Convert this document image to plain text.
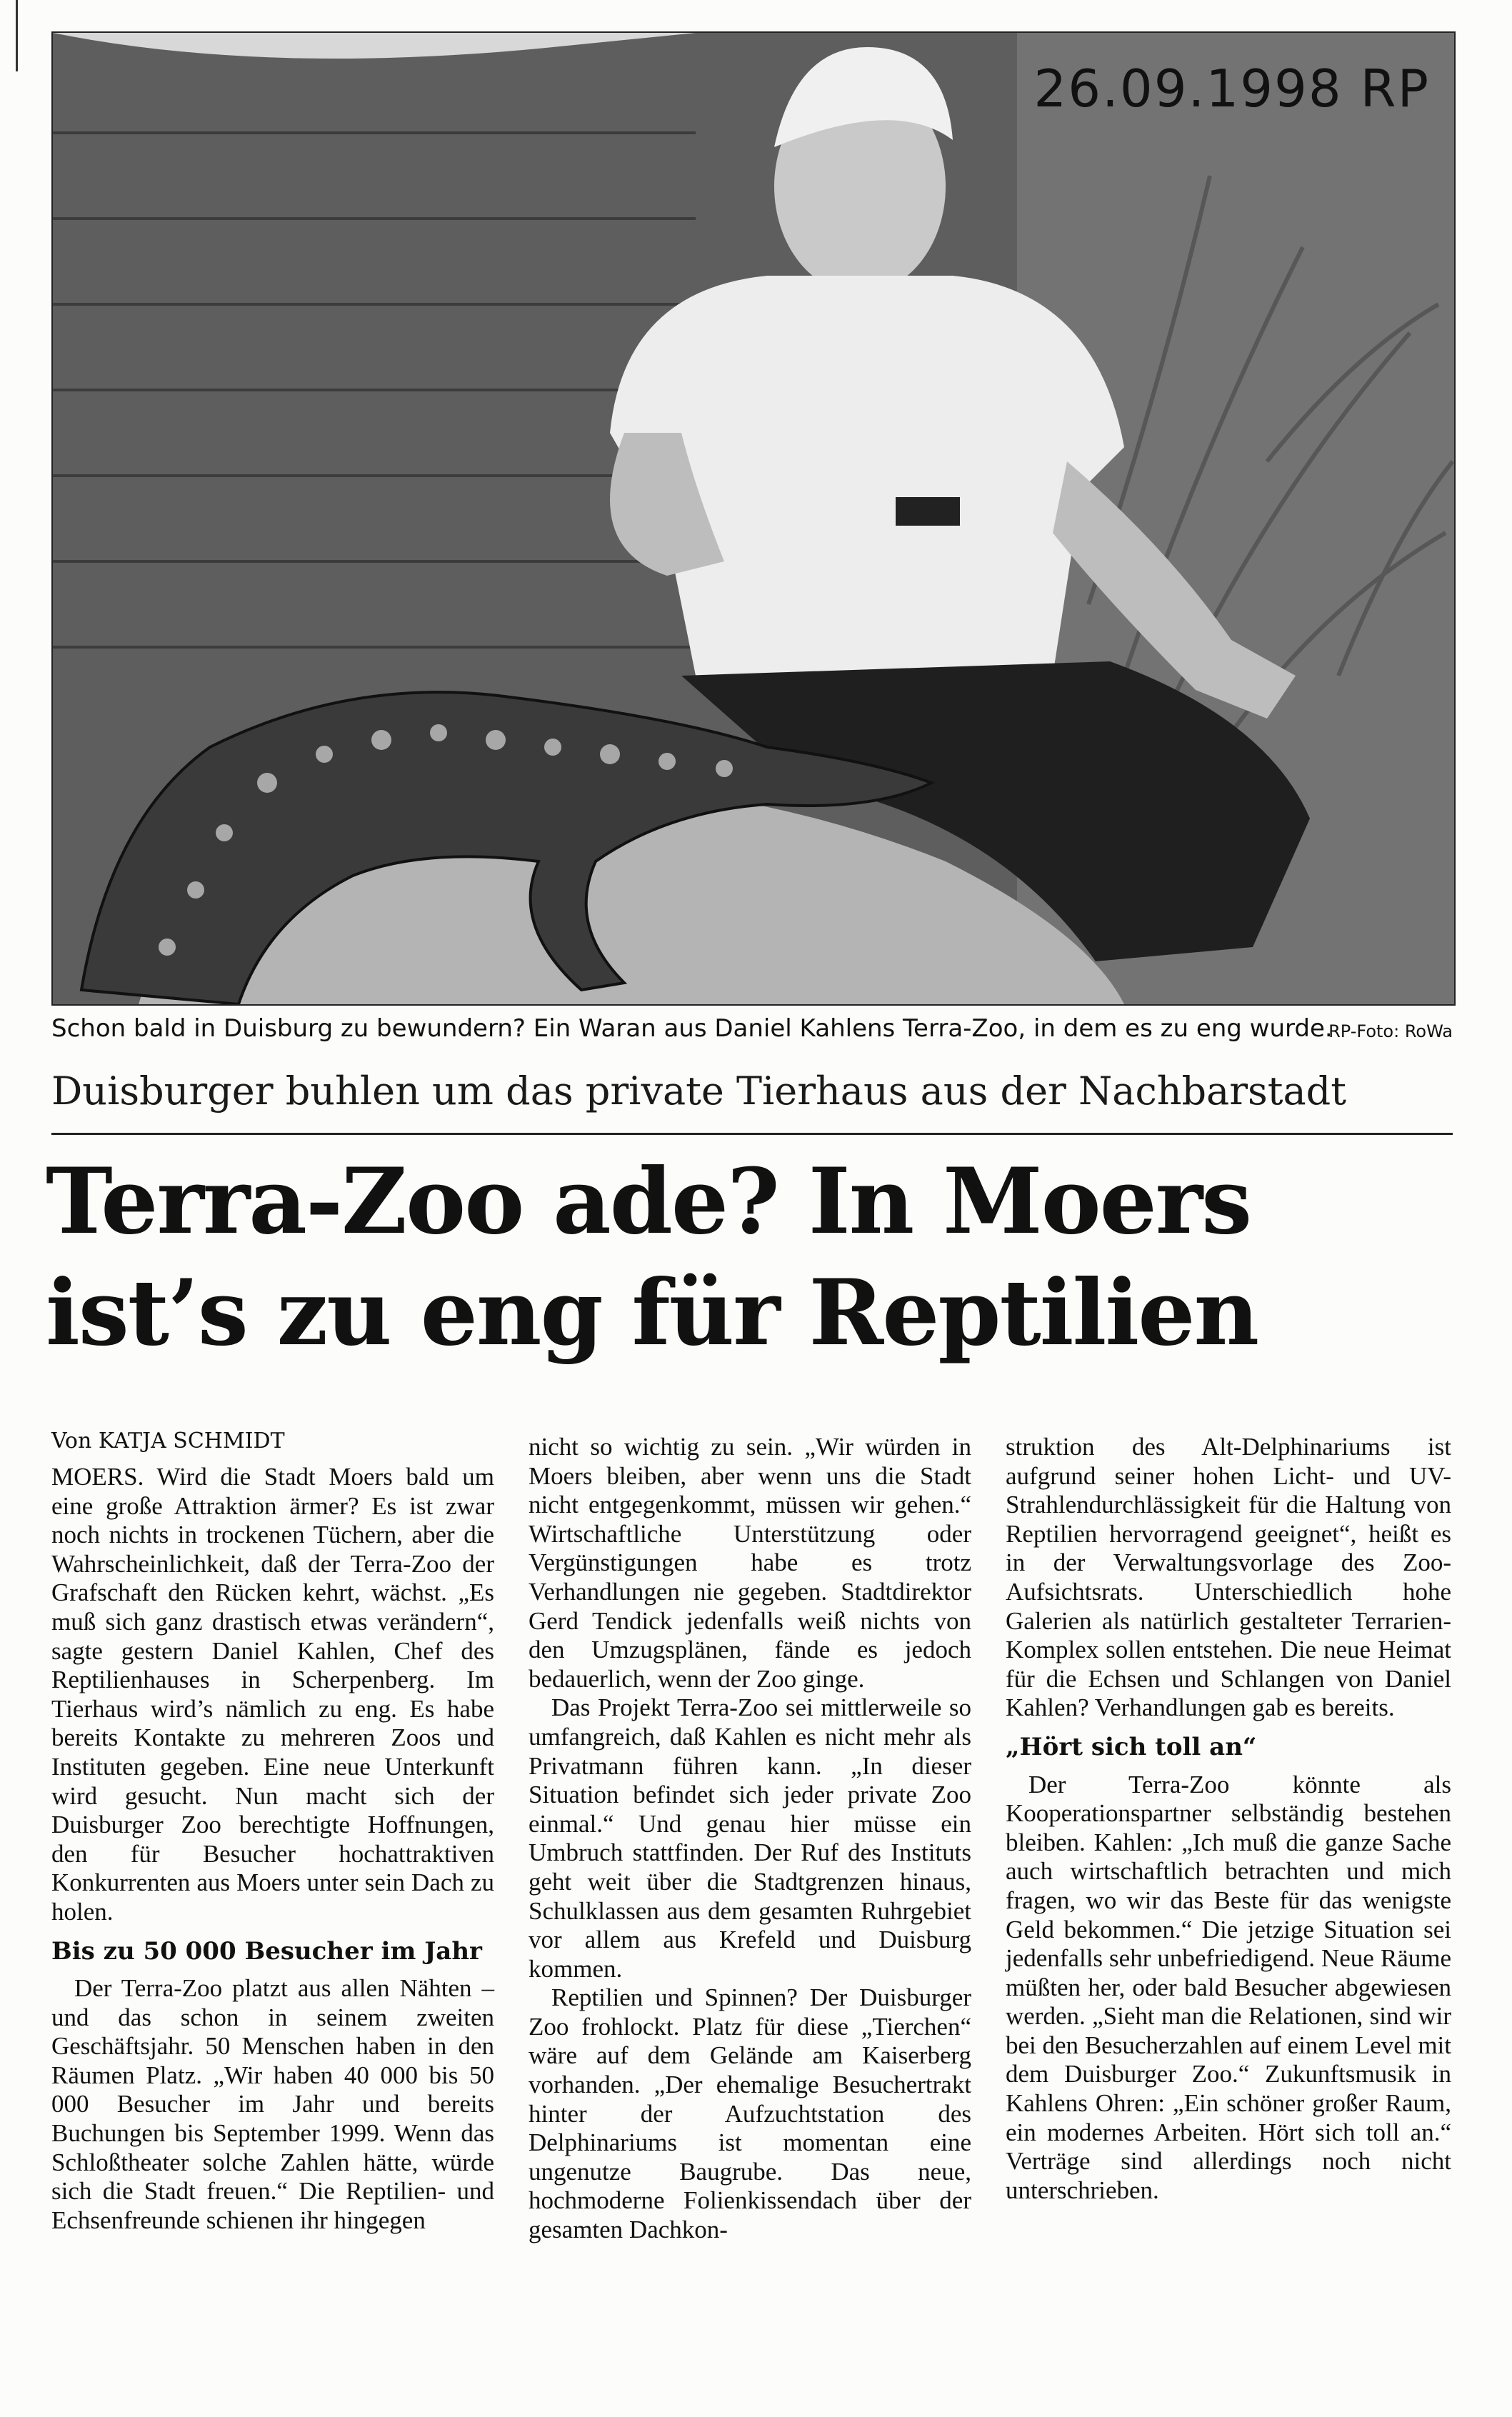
26.09.1998 RP
Schon bald in Duisburg zu bewundern? Ein Waran aus Daniel Kahlens Terra-Zoo, in dem es zu eng wurde.
RP-Foto: RoWa
Duisburger buhlen um das private Tierhaus aus der Nachbarstadt
Terra-Zoo ade? In Moers
ist’s zu eng für Reptilien
Von KATJA SCHMIDT

MOERS. Wird die Stadt Moers bald um eine große Attraktion ärmer? Es ist zwar noch nichts in trockenen Tüchern, aber die Wahrscheinlichkeit, daß der Terra-Zoo der Grafschaft den Rücken kehrt, wächst. „Es muß sich ganz drastisch etwas verändern“, sagte gestern Daniel Kahlen, Chef des Reptilienhauses in Scherpenberg. Im Tierhaus wird’s nämlich zu eng. Es habe bereits Kontakte zu mehreren Zoos und Instituten gegeben. Eine neue Unterkunft wird gesucht. Nun macht sich der Duisburger Zoo berechtigte Hoffnungen, den für Besucher hochattraktiven Konkurrenten aus Moers unter sein Dach zu holen.

Bis zu 50 000 Besucher im Jahr

Der Terra-Zoo platzt aus allen Nähten – und das schon in seinem zweiten Geschäftsjahr. 50 Menschen haben in den Räumen Platz. „Wir haben 40 000 bis 50 000 Besucher im Jahr und bereits Buchungen bis September 1999. Wenn das Schloßtheater solche Zahlen hätte, würde sich die Stadt freuen.“ Die Reptilien- und Echsenfreunde schienen ihr hingegen

nicht so wichtig zu sein. „Wir würden in Moers bleiben, aber wenn uns die Stadt nicht entgegenkommt, müssen wir gehen.“ Wirtschaftliche Unterstützung oder Vergünstigungen habe es trotz Verhandlungen nie gegeben. Stadtdirektor Gerd Tendick jedenfalls weiß nichts von den Umzugsplänen, fände es jedoch bedauerlich, wenn der Zoo ginge.

Das Projekt Terra-Zoo sei mittlerweile so umfangreich, daß Kahlen es nicht mehr als Privatmann führen kann. „In dieser Situation befindet sich jeder private Zoo einmal.“ Und genau hier müsse ein Umbruch stattfinden. Der Ruf des Instituts geht weit über die Stadtgrenzen hinaus, Schulklassen aus dem gesamten Ruhrgebiet vor allem aus Krefeld und Duisburg kommen.

Reptilien und Spinnen? Der Duisburger Zoo frohlockt. Platz für diese „Tierchen“ wäre auf dem Gelände am Kaiserberg vorhanden. „Der ehemalige Besuchertrakt hinter der Aufzuchtstation des Delphinariums ist momentan eine ungenutze Baugrube. Das neue, hochmoderne Folienkissendach über der gesamten Dachkon-

struktion des Alt-Delphinariums ist aufgrund seiner hohen Licht- und UV-Strahlendurchlässigkeit für die Haltung von Reptilien hervorragend geeignet“, heißt es in der Verwaltungsvorlage des Zoo-Aufsichtsrats. Unterschiedlich hohe Galerien als natürlich gestalteter Terrarien-Komplex sollen entstehen. Die neue Heimat für die Echsen und Schlangen von Daniel Kahlen? Verhandlungen gab es bereits.

„Hört sich toll an“

Der Terra-Zoo könnte als Kooperationspartner selbständig bestehen bleiben. Kahlen: „Ich muß die ganze Sache auch wirtschaftlich betrachten und mich fragen, wo wir das Beste für das wenigste Geld bekommen.“ Die jetzige Situation sei jedenfalls sehr unbefriedigend. Neue Räume müßten her, oder bald Besucher abgewiesen werden. „Sieht man die Relationen, sind wir bei den Besucherzahlen auf einem Level mit dem Duisburger Zoo.“ Zukunftsmusik in Kahlens Ohren: „Ein schöner großer Raum, ein modernes Arbeiten. Hört sich toll an.“ Verträge sind allerdings noch nicht unterschrieben.
